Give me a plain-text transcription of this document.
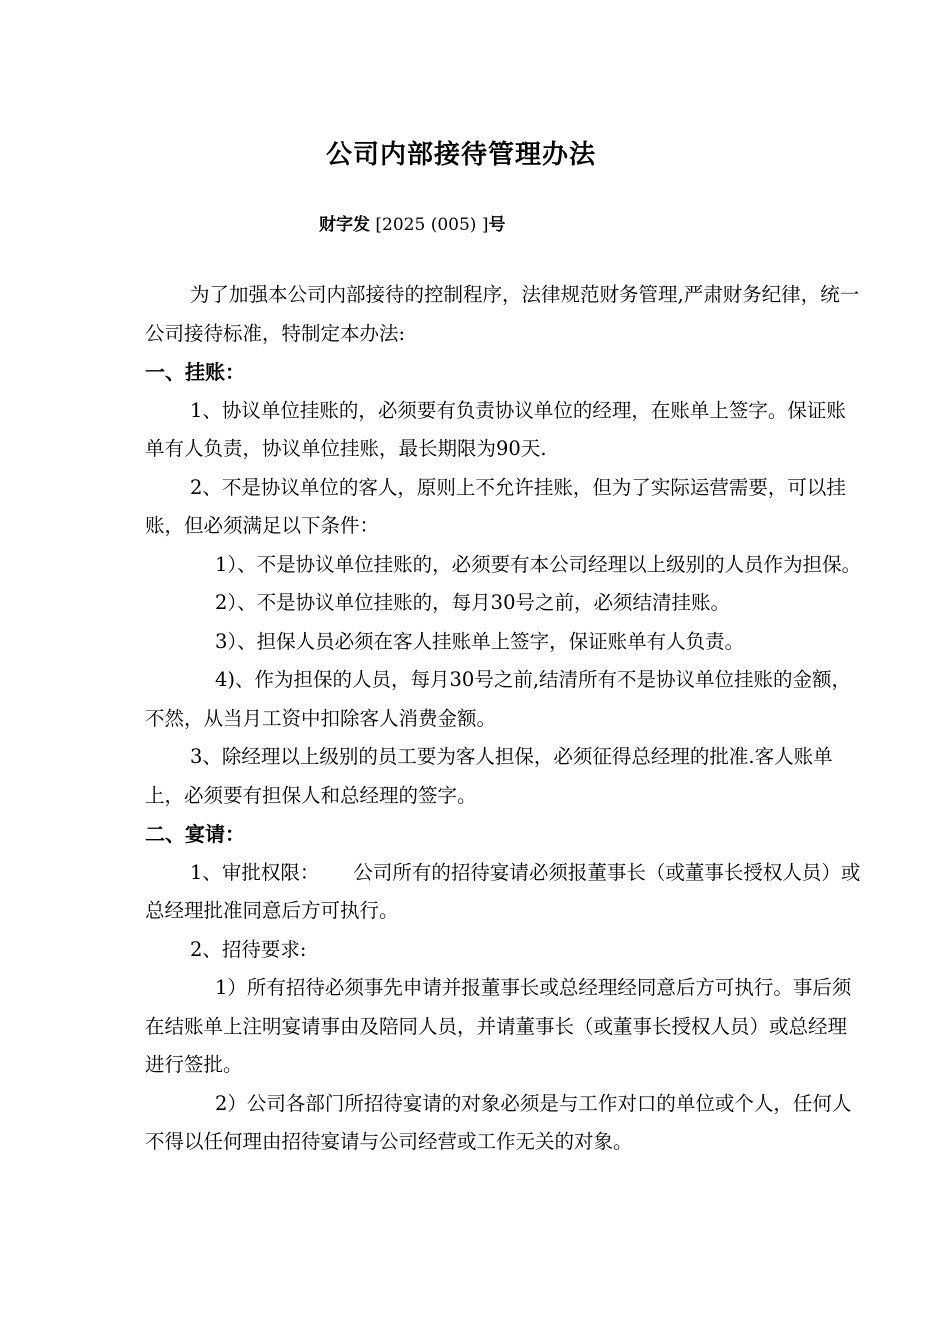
公司内部接待管理办法
财字发 [2025 (005) ]号

为了加强本公司内部接待的控制程序，法律规范财务管理,严肃财务纪律，统一公司接待标准，特制定本办法:

一、挂账：

1、协议单位挂账的，必须要有负责协议单位的经理，在账单上签字。保证账单有人负责，协议单位挂账，最长期限为90天.

2、不是协议单位的客人，原则上不允许挂账，但为了实际运营需要，可以挂账，但必须满足以下条件：

1）、不是协议单位挂账的，必须要有本公司经理以上级别的人员作为担保。

2）、不是协议单位挂账的，每月30号之前，必须结清挂账。

3）、担保人员必须在客人挂账单上签字，保证账单有人负责。

4)、作为担保的人员，每月30号之前,结清所有不是协议单位挂账的金额，不然，从当月工资中扣除客人消费金额。

3、除经理以上级别的员工要为客人担保，必须征得总经理的批准.客人账单上，必须要有担保人和总经理的签字。

二、宴请：

1、审批权限： 公司所有的招待宴请必须报董事长（或董事长授权人员）或总经理批准同意后方可执行。

2、招待要求:

1）所有招待必须事先申请并报董事长或总经理经同意后方可执行。事后须在结账单上注明宴请事由及陪同人员，并请董事长（或董事长授权人员）或总经理进行签批。

2）公司各部门所招待宴请的对象必须是与工作对口的单位或个人，任何人不得以任何理由招待宴请与公司经营或工作无关的对象。
